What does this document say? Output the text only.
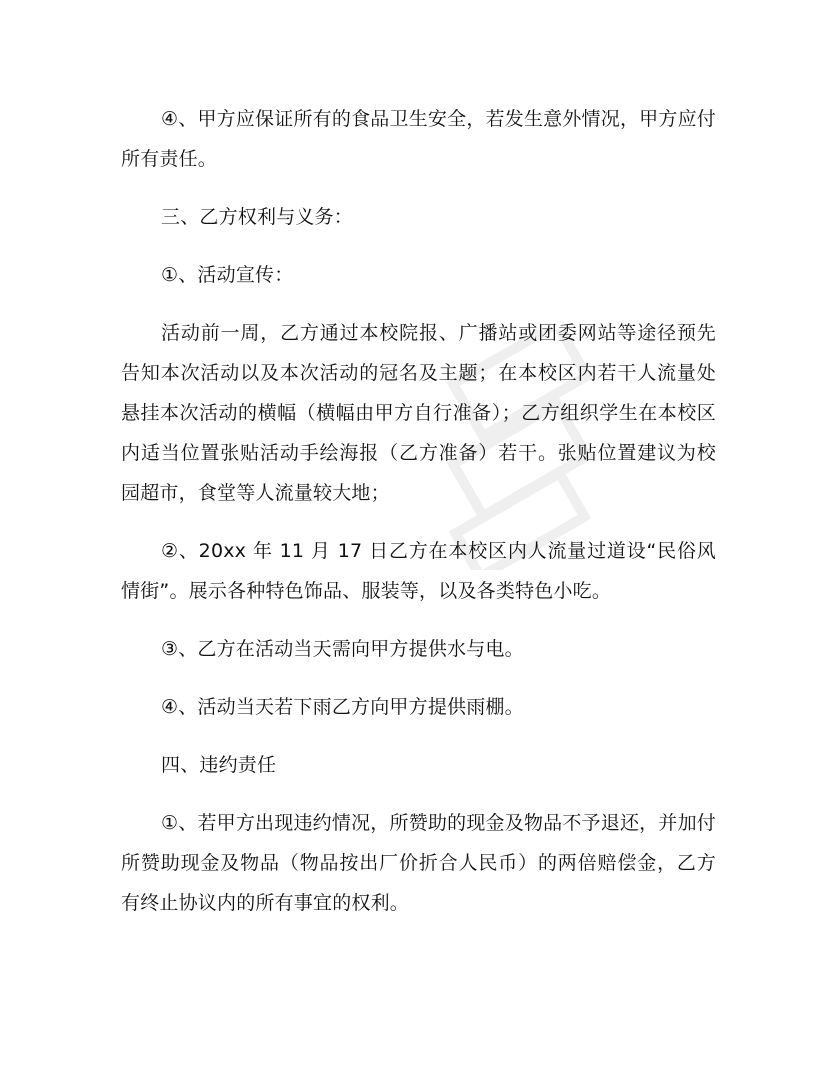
④、甲方应保证所有的食品卫生安全，若发生意外情况，甲方应付所有责任。

三、乙方权利与义务：

①、活动宣传：

活动前一周，乙方通过本校院报、广播站或团委网站等途径预先告知本次活动以及本次活动的冠名及主题；在本校区内若干人流量处悬挂本次活动的横幅（横幅由甲方自行准备）；乙方组织学生在本校区内适当位置张贴活动手绘海报（乙方准备）若干。张贴位置建议为校园超市，食堂等人流量较大地；

②、20xx 年 11 月 17 日乙方在本校区内人流量过道设“民俗风情街”。展示各种特色饰品、服装等，以及各类特色小吃。

③、乙方在活动当天需向甲方提供水与电。

④、活动当天若下雨乙方向甲方提供雨棚。

四、违约责任

①、若甲方出现违约情况，所赞助的现金及物品不予退还，并加付所赞助现金及物品（物品按出厂价折合人民币）的两倍赔偿金，乙方有终止协议内的所有事宜的权利。
